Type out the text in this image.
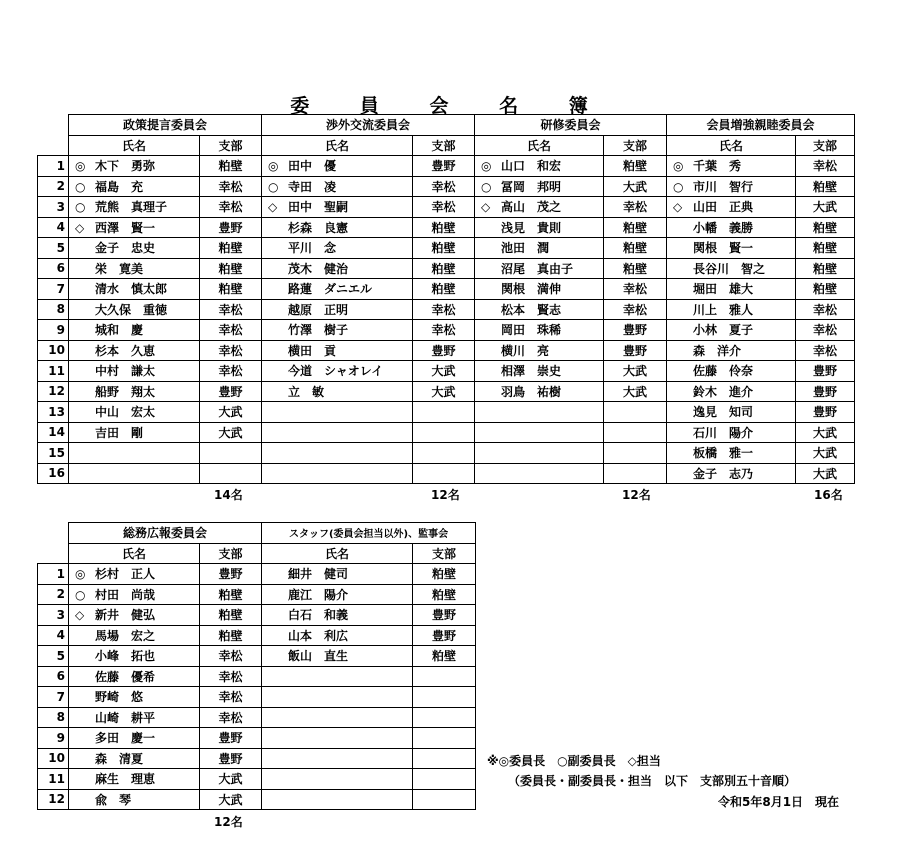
委 員 会 名 簿
	政策提言委員会		渉外交流委員会		研修委員会		会員増強親睦委員会	
	氏名	支部	氏名	支部	氏名	支部	氏名	支部
1	◎ 木下　勇弥	粕壁	◎ 田中　優	豊野	◎ 山口　和宏	粕壁	◎ 千葉　秀	幸松
2	○ 福島　充	幸松	○ 寺田　凌	幸松	○ 冨岡　邦明	大武	○ 市川　智行	粕壁
3	○ 荒熊　真理子	幸松	◇ 田中　聖嗣	幸松	◇ 高山　茂之	幸松	◇ 山田　正典	大武
4	◇ 西澤　賢一	豊野	杉森　良憲	粕壁	浅見　貴則	粕壁	小幡　義勝	粕壁
5	金子　忠史	粕壁	平川　念	粕壁	池田　潤	粕壁	関根　賢一	粕壁
6	栄　寛美	粕壁	茂木　健治	粕壁	沼尾　真由子	粕壁	長谷川　智之	粕壁
7	清水　慎太郎	粕壁	路蓮　ダニエル	粕壁	関根　満伸	幸松	堀田　雄大	粕壁
8	大久保　重徳	幸松	越原　正明	幸松	松本　賢志	幸松	川上　雅人	幸松
9	城和　慶	幸松	竹澤　樹子	幸松	岡田　珠稀	豊野	小林　夏子	幸松
10	杉本　久恵	幸松	横田　貢	豊野	横川　亮	豊野	森　洋介	幸松
11	中村　謙太	幸松	今道　シャオレイ	大武	相澤　崇史	大武	佐藤　伶奈	豊野
12	船野　翔太	豊野	立　敏	大武	羽鳥　祐樹	大武	鈴木　進介	豊野
13	中山　宏太	大武					逸見　知司	豊野
14	吉田　剛	大武					石川　陽介	大武
15							板橋　雅一	大武
16							金子　志乃	大武
14名	12名	12名	16名
	総務広報委員会		スタッフ(委員会担当以外)、監事会	
	氏名	支部	氏名	支部
1	◎ 杉村　正人	豊野	細井　健司	粕壁
2	○ 村田　尚哉	粕壁	鹿江　陽介	粕壁
3	◇ 新井　健弘	粕壁	白石　和義	豊野
4	馬場　宏之	粕壁	山本　利広	豊野
5	小峰　拓也	幸松	飯山　直生	粕壁
6	佐藤　優希	幸松		
7	野崎　悠	幸松		
8	山崎　耕平	幸松		
9	多田　慶一	豊野		
10	森　清夏	豊野		
11	麻生　理恵	大武		
12	兪　琴	大武		
12名
※◎委員長　○副委員長　◇担当
（委員長・副委員長・担当　以下　支部別五十音順）
令和5年8月1日　現在
